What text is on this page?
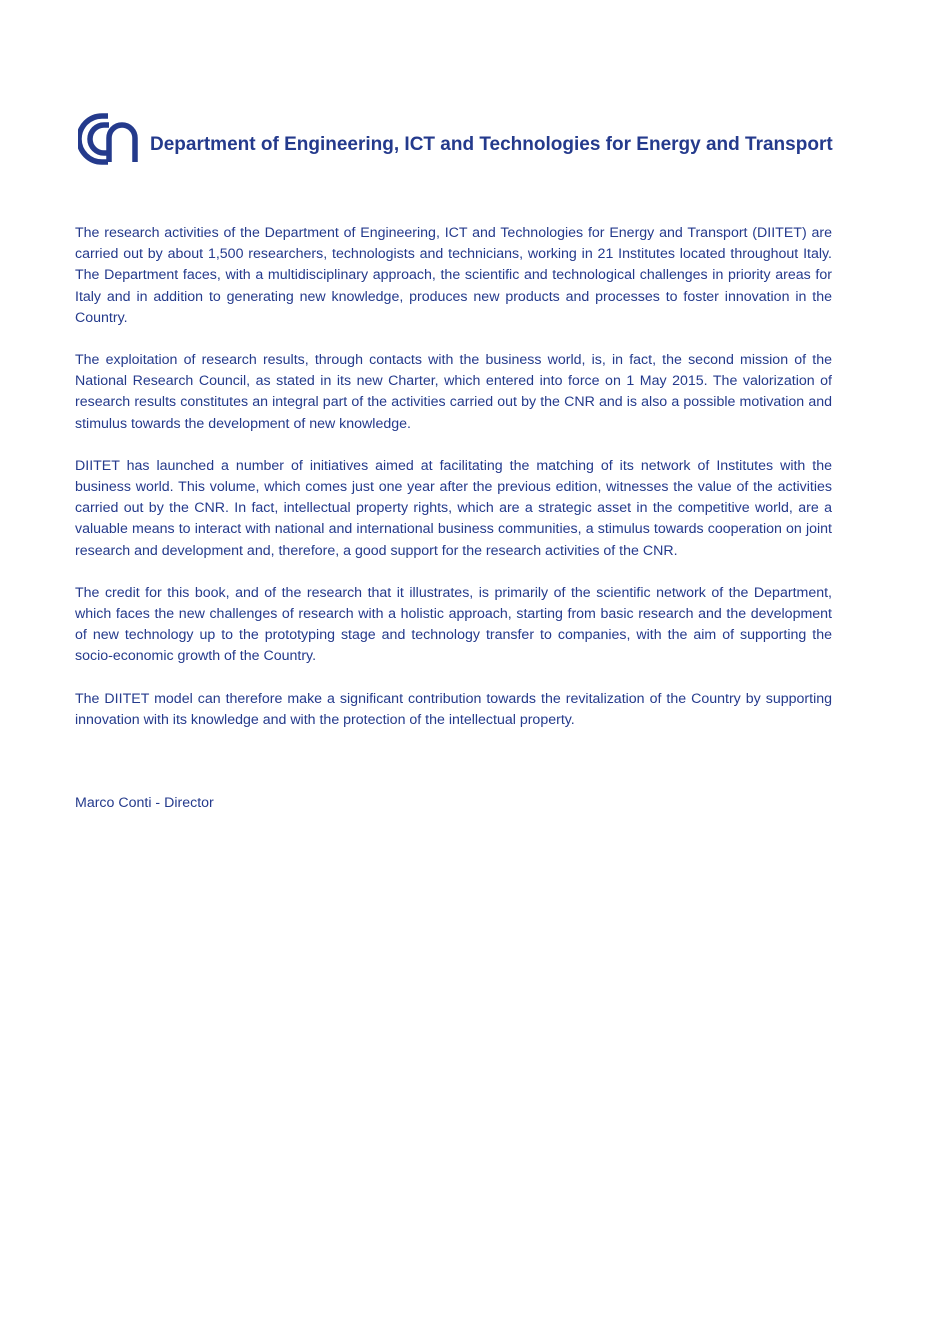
Department of Engineering, ICT and Technologies for Energy and Transport

The research activities of the Department of Engineering, ICT and Technologies for Energy and Transport (DIITET) are carried out by about 1,500 researchers, technologists and technicians, working in 21 Institutes located throughout Italy. The Department faces, with a multidisciplinary approach, the scientific and technological challenges in priority areas for Italy and in addition to generating new knowledge, produces new products and processes to foster innovation in the Country.

The exploitation of research results, through contacts with the business world, is, in fact, the second mission of the National Research Council, as stated in its new Charter, which entered into force on 1 May 2015. The valorization of research results constitutes an integral part of the activities carried out by the CNR and is also a possible motivation and stimulus towards the development of new knowledge.

DIITET has launched a number of initiatives aimed at facilitating the matching of its network of Institutes with the business world. This volume, which comes just one year after the previous edition, witnesses the value of the activities carried out by the CNR. In fact, intellectual property rights, which are a strategic asset in the competitive world, are a valuable means to interact with national and international business communities, a stimulus towards cooperation on joint research and development and, therefore, a good support for the research activities of the CNR.

The credit for this book, and of the research that it illustrates, is primarily of the scientific network of the Department, which faces the new challenges of research with a holistic approach, starting from basic research and the development of new technology up to the prototyping stage and technology transfer to companies, with the aim of supporting the socio-economic growth of the Country.

The DIITET model can therefore make a significant contribution towards the revitalization of the Country by supporting innovation with its knowledge and with the protection of the intellectual property.

Marco Conti - Director
